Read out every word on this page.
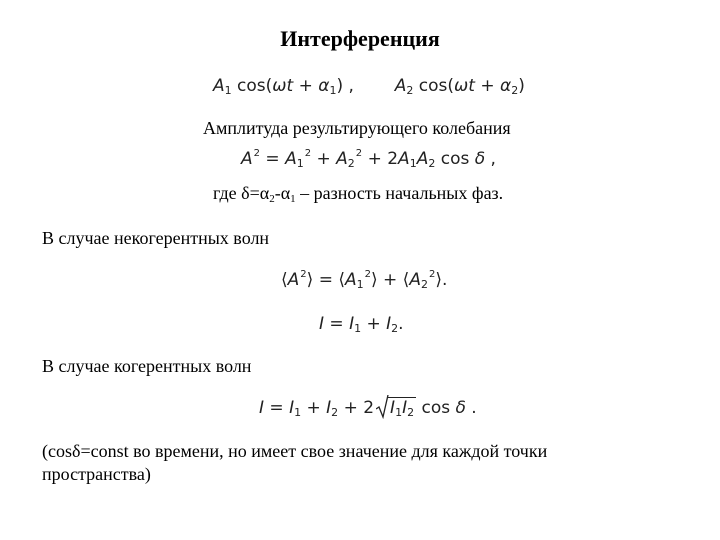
Интерференция
$A_1$ $\cos(\omega t + \alpha_1)$ , $A_2$ $\cos(\omega t + \alpha_2)$
Амплитуда результирующего колебания
$A^2 = A_1^2 + A_2^2 + 2A_1A_2$ cos δ ,
где $\delta=\alpha_2-\alpha_1$ – разность начальных фаз.
В случае некогерентных волн
$⟨A^2⟩$ = $⟨A_1^2⟩$ + $⟨A_2^2⟩$.
$I = I_1 + I_2$.
В случае когерентных волн
$I = I_1 + I_2 + 2$ $I_1I_2$ cos δ .
(cosδ=const во времени, но имеет свое значение для каждой точки
пространства)
